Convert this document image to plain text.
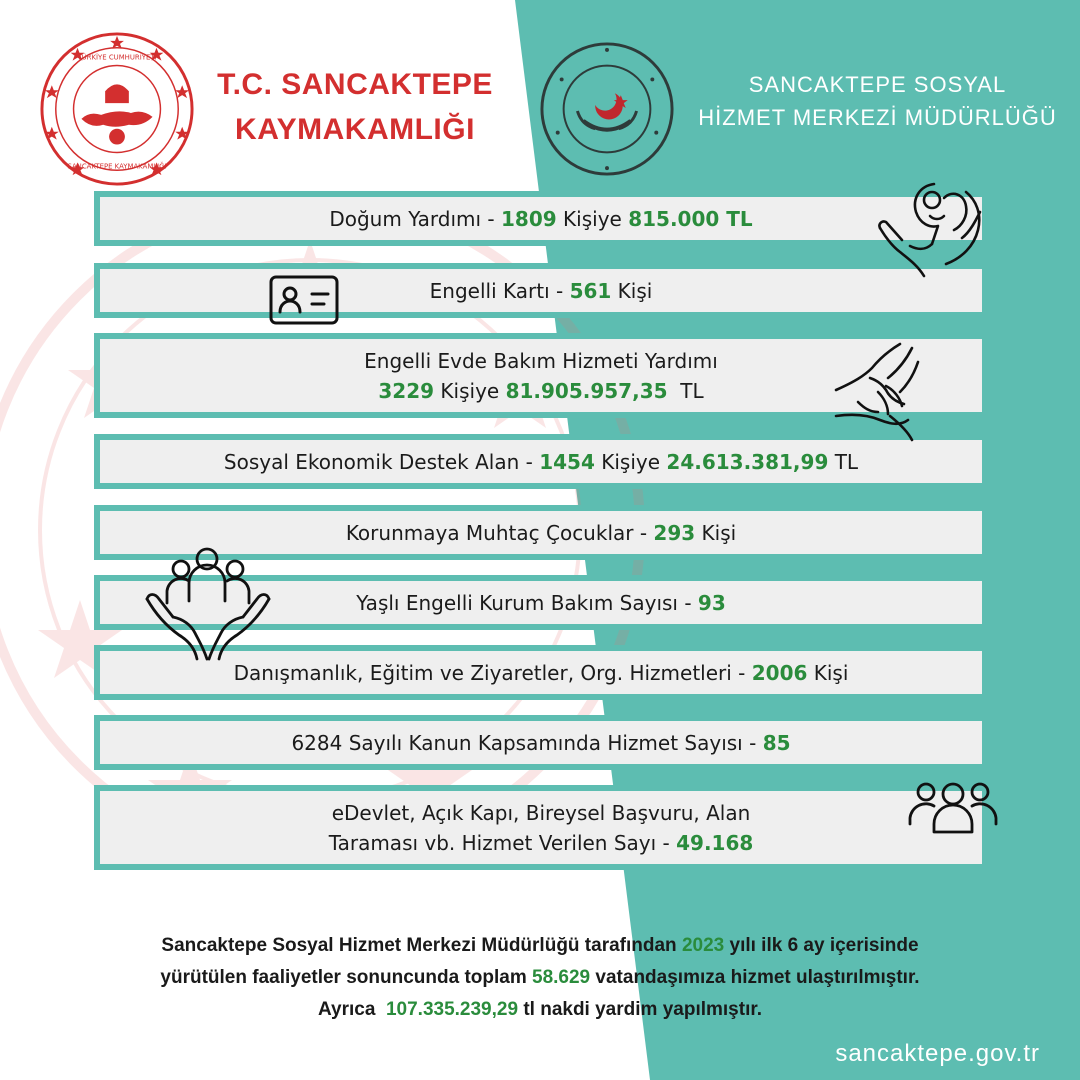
TÜRKİYE CUMHURİYETİ
SANCAKTEPE KAYMAKAMLIĞI
T.C. SANCAKTEPE
KAYMAKAMLIĞI
SANCAKTEPE SOSYAL
HİZMET MERKEZİ MÜDÜRLÜĞÜ
Doğum Yardımı - 1809 Kişiye 815.000 TL
Engelli Kartı - 561 Kişi
Engelli Evde Bakım Hizmeti Yardımı
3229 Kişiye 81.905.957,35  TL
Sosyal Ekonomik Destek Alan - 1454 Kişiye 24.613.381,99 TL
Korunmaya Muhtaç Çocuklar - 293 Kişi
Yaşlı Engelli Kurum Bakım Sayısı - 93
Danışmanlık, Eğitim ve Ziyaretler, Org. Hizmetleri - 2006 Kişi
6284 Sayılı Kanun Kapsamında Hizmet Sayısı - 85
eDevlet, Açık Kapı, Bireysel Başvuru, Alan
Taraması vb. Hizmet Verilen Sayı - 49.168
Sancaktepe Sosyal Hizmet Merkezi Müdürlüğü tarafından 2023 yılı ilk 6 ay içerisinde
yürütülen faaliyetler sonuncunda toplam 58.629 vatandaşımıza hizmet ulaştırılmıştır.
Ayrıca  107.335.239,29 tl nakdi yardim yapılmıştır.
sancaktepe.gov.tr
